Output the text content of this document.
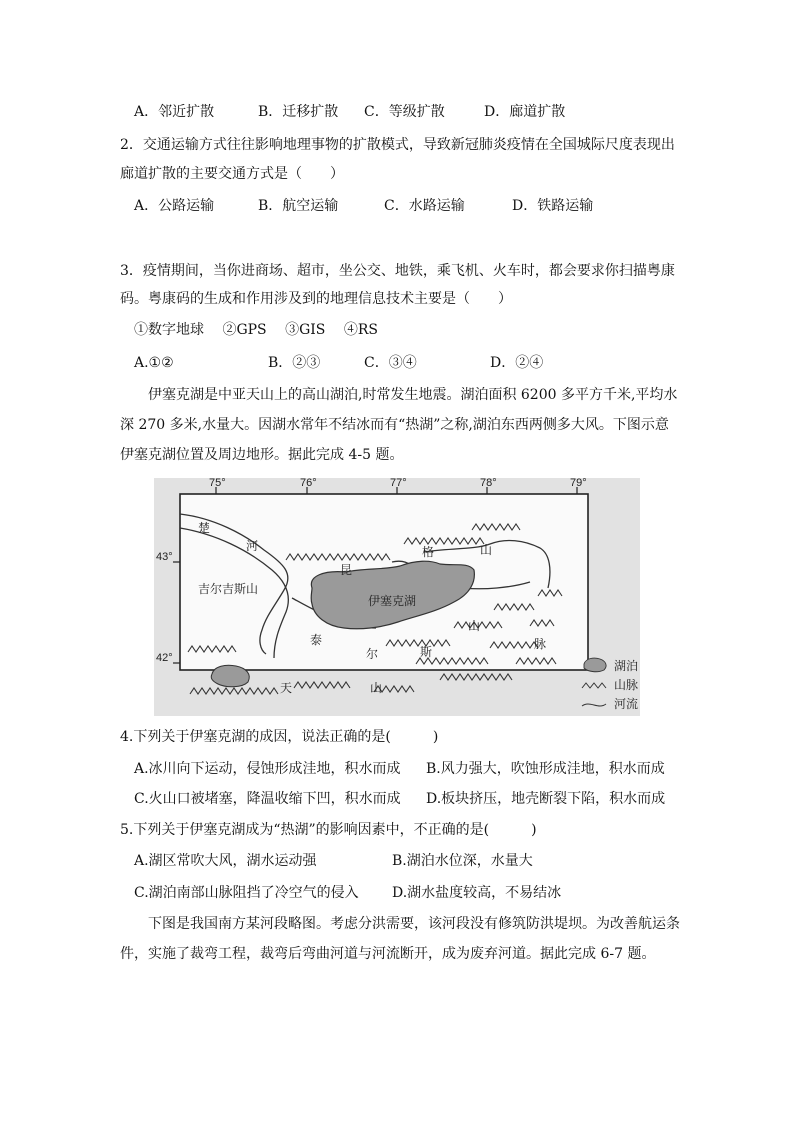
A．邻近扩散	B．迁移扩散 C．等级扩散	D．廊道扩散
2．交通运输方式往往影响地理事物的扩散模式，导致新冠肺炎疫情在全国城际尺度表现出
廊道扩散的主要交通方式是（　　）
A．公路运输	B．航空运输	C．水路运输	D．铁路运输
3．疫情期间，当你进商场、超市，坐公交、地铁，乘飞机、火车时，都会要求你扫描粤康
码。粤康码的生成和作用涉及到的地理信息技术主要是（　　）
①数字地球　 ②GPS　 ③GIS　 ④RS
A.①②	B．②③	C．③④	D．②④
伊塞克湖是中亚天山上的高山湖泊,时常发生地震。湖泊面积 6200 多平方千米,平均水
深 270 多米,水量大。因湖水常年不结冰而有“热湖”之称,湖泊东西两侧多大风。下图示意
伊塞克湖位置及周边地形。据此完成 4-5 题。
75°	76°	77°	78°	79°
43°
42°
伊塞克湖
楚
河
吉尔吉斯山
昆
格	山
泰
尔	斯
山
脉
天	山
湖泊
山脉
河流
4.下列关于伊塞克湖的成因，说法正确的是(　　　)
A.冰川向下运动，侵蚀形成洼地，积水而成 B.风力强大，吹蚀形成洼地，积水而成
C.火山口被堵塞，降温收缩下凹，积水而成 D.板块挤压，地壳断裂下陷，积水而成
5.下列关于伊塞克湖成为“热湖”的影响因素中，不正确的是(　　　)
A.湖区常吹大风，湖水运动强	B.湖泊水位深，水量大
C.湖泊南部山脉阻挡了冷空气的侵入 D.湖水盐度较高，不易结冰
下图是我国南方某河段略图。考虑分洪需要，该河段没有修筑防洪堤坝。为改善航运条
件，实施了裁弯工程，裁弯后弯曲河道与河流断开，成为废弃河道。据此完成 6-7 题。
